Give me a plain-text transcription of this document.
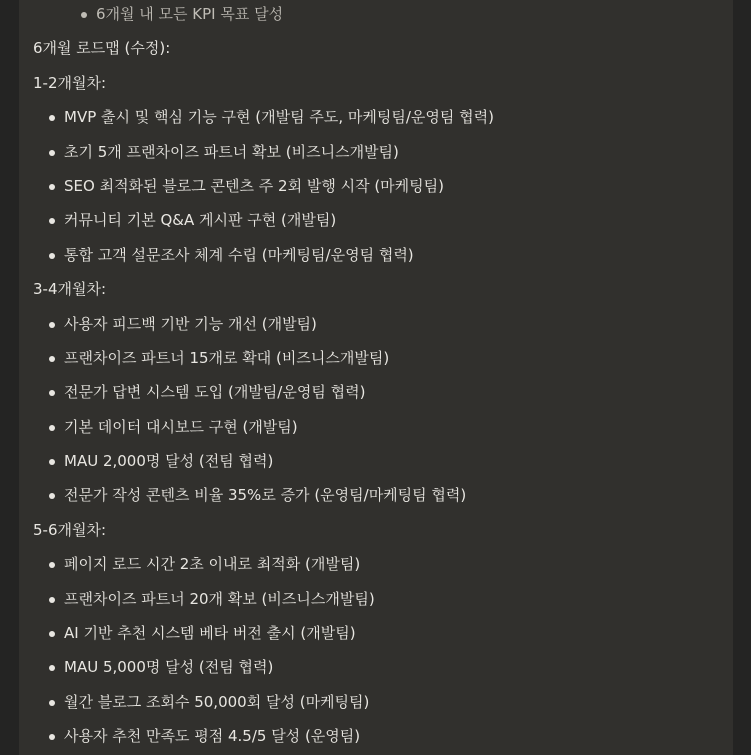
6개월 내 모든 KPI 목표 달성
6개월 로드맵 (수정):
1-2개월차:
MVP 출시 및 핵심 기능 구현 (개발팀 주도, 마케팅팀/운영팀 협력)
초기 5개 프랜차이즈 파트너 확보 (비즈니스개발팀)
SEO 최적화된 블로그 콘텐츠 주 2회 발행 시작 (마케팅팀)
커뮤니티 기본 Q&A 게시판 구현 (개발팀)
통합 고객 설문조사 체계 수립 (마케팅팀/운영팀 협력)
3-4개월차:
사용자 피드백 기반 기능 개선 (개발팀)
프랜차이즈 파트너 15개로 확대 (비즈니스개발팀)
전문가 답변 시스템 도입 (개발팀/운영팀 협력)
기본 데이터 대시보드 구현 (개발팀)
MAU 2,000명 달성 (전팀 협력)
전문가 작성 콘텐츠 비율 35%로 증가 (운영팀/마케팅팀 협력)
5-6개월차:
페이지 로드 시간 2초 이내로 최적화 (개발팀)
프랜차이즈 파트너 20개 확보 (비즈니스개발팀)
AI 기반 추천 시스템 베타 버전 출시 (개발팀)
MAU 5,000명 달성 (전팀 협력)
월간 블로그 조회수 50,000회 달성 (마케팅팀)
사용자 추천 만족도 평점 4.5/5 달성 (운영팀)
